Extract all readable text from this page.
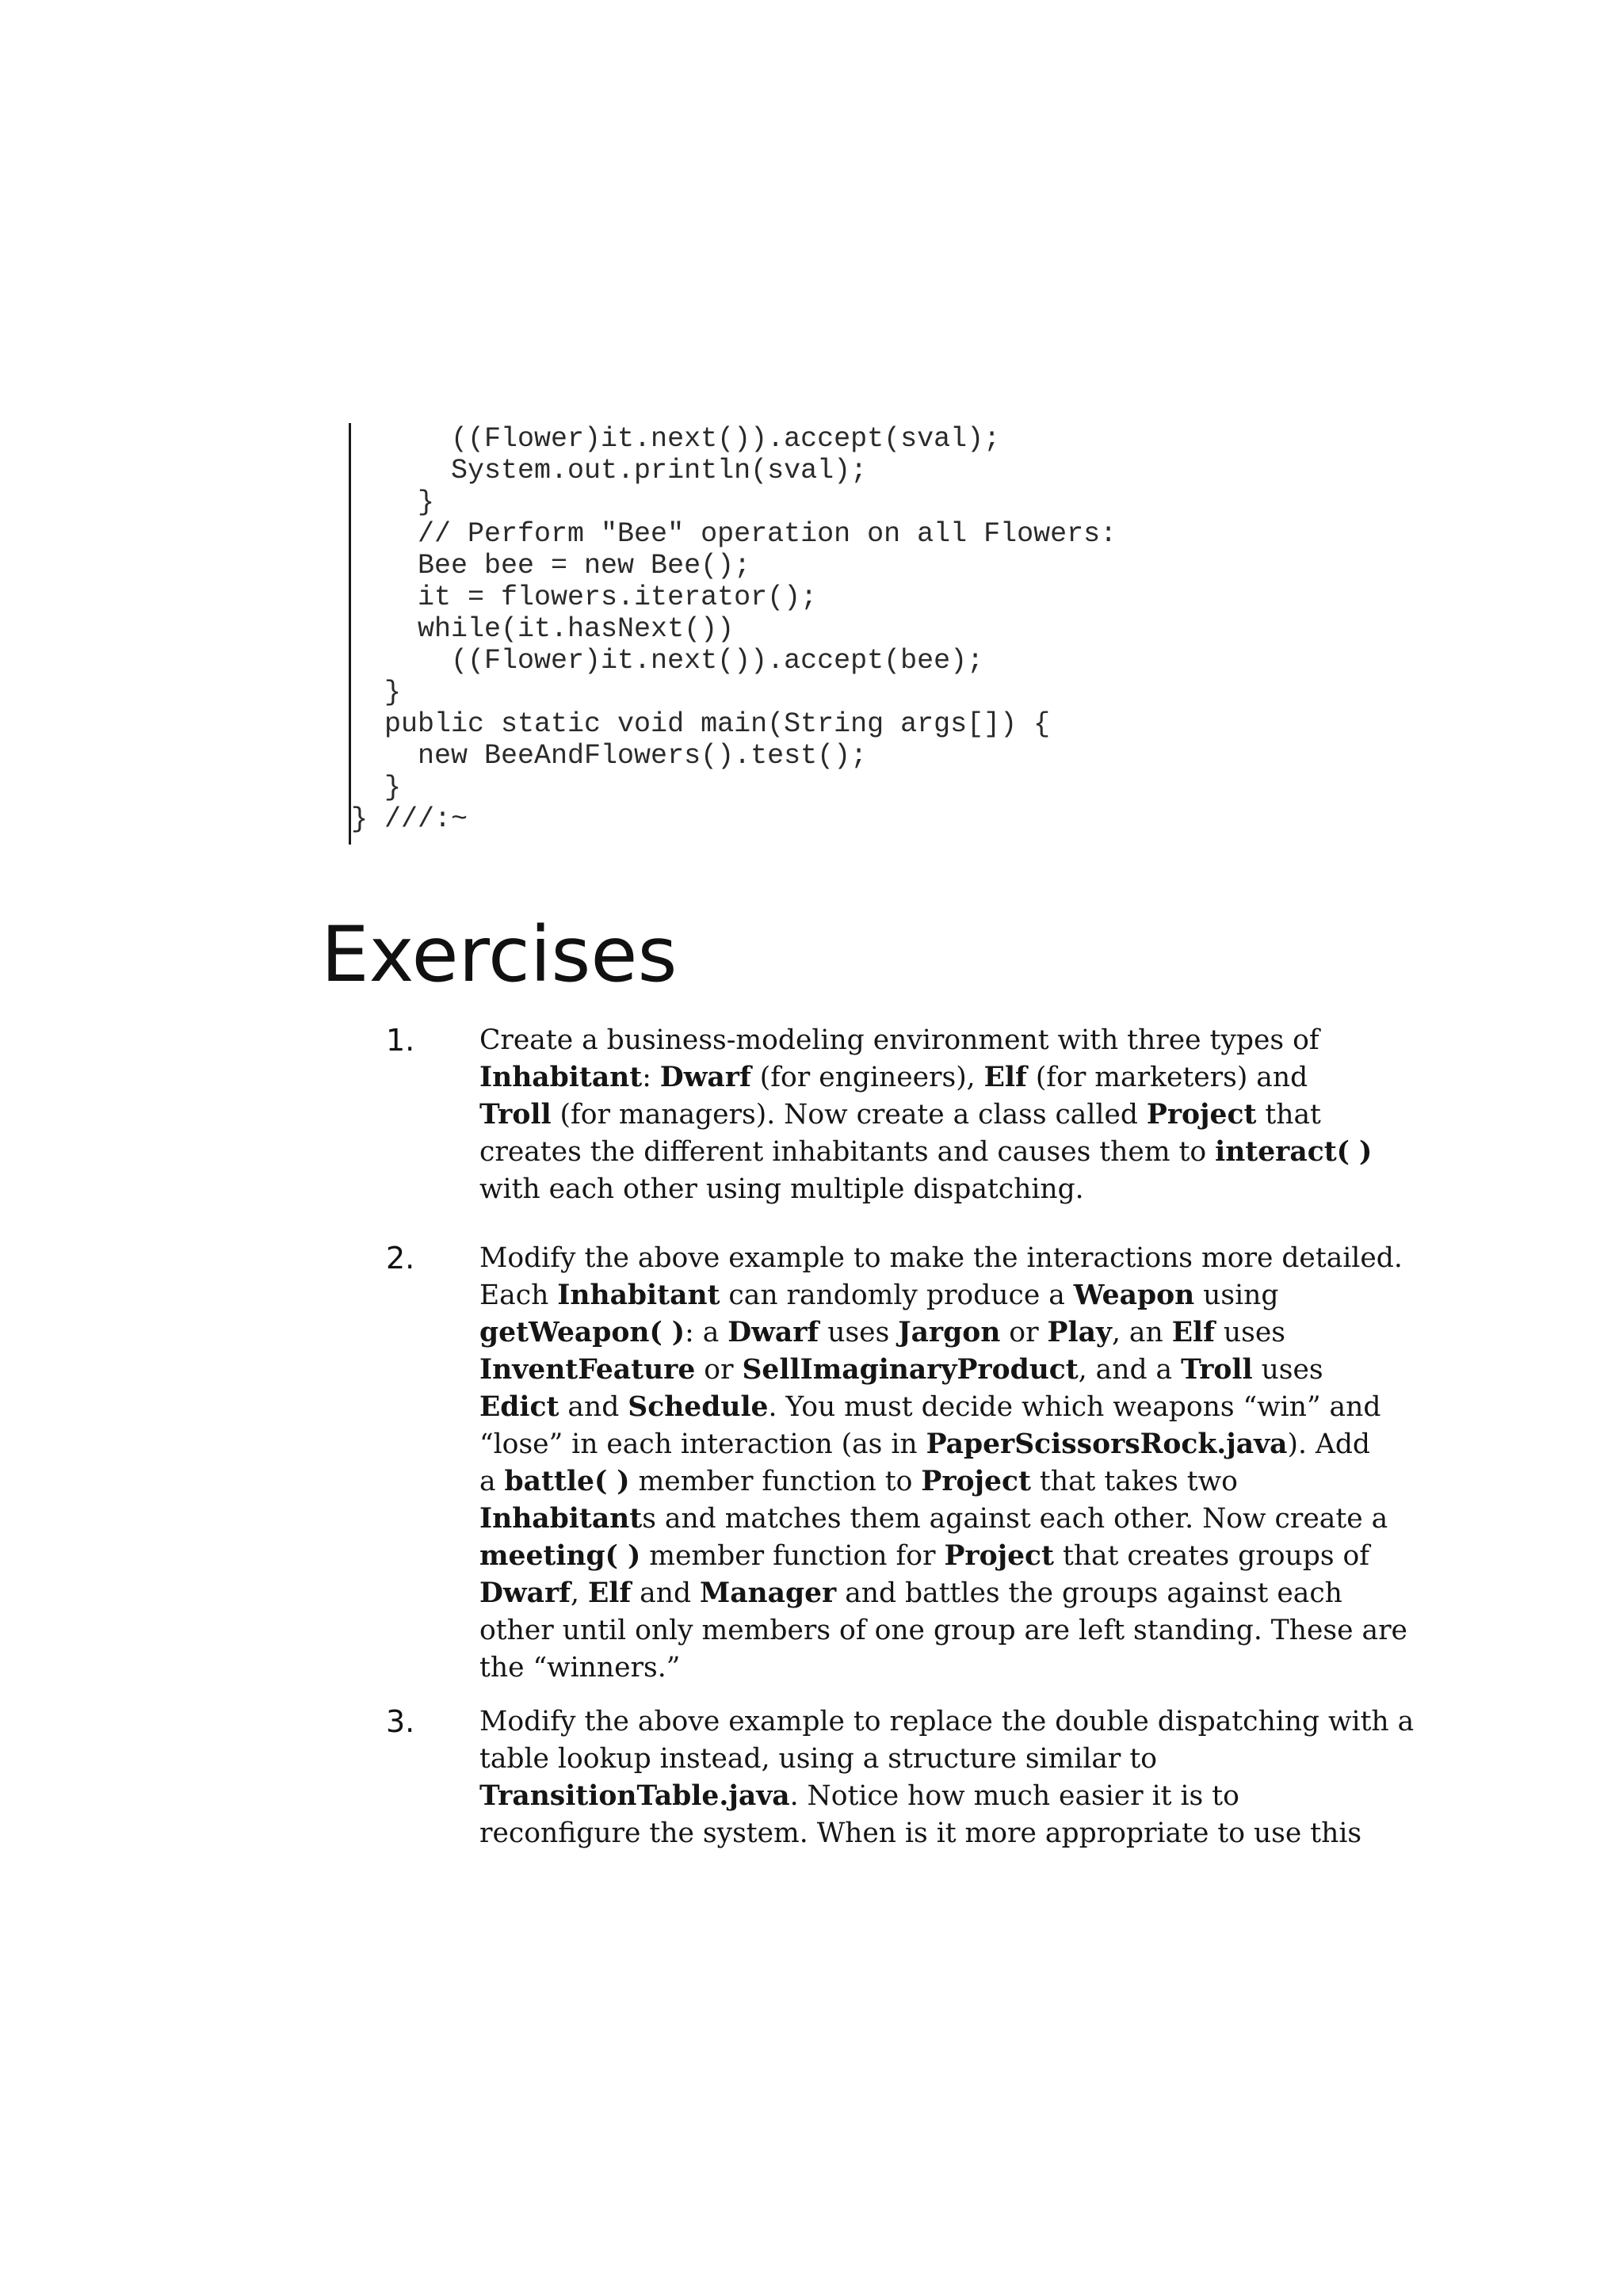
((Flower)it.next()).accept(sval);
System.out.println(sval);
}
// Perform "Bee" operation on all Flowers:
Bee bee = new Bee();
it = flowers.iterator();
while(it.hasNext())
((Flower)it.next()).accept(bee);
}
public static void main(String args[]) {
new BeeAndFlowers().test();
}
} ///:~
Exercises
1. Create a business-modeling environment with three types of
Inhabitant: Dwarf (for engineers), Elf (for marketers) and
Troll (for managers). Now create a class called Project that
creates the different inhabitants and causes them to interact( )
with each other using multiple dispatching.
2. Modify the above example to make the interactions more detailed.
Each Inhabitant can randomly produce a Weapon using
getWeapon( ): a Dwarf uses Jargon or Play, an Elf uses
InventFeature or SellImaginaryProduct, and a Troll uses
Edict and Schedule. You must decide which weapons “win” and
“lose” in each interaction (as in PaperScissorsRock.java). Add
a battle( ) member function to Project that takes two
Inhabitants and matches them against each other. Now create a
meeting( ) member function for Project that creates groups of
Dwarf, Elf and Manager and battles the groups against each
other until only members of one group are left standing. These are
the “winners.”
3. Modify the above example to replace the double dispatching with a
table lookup instead, using a structure similar to
TransitionTable.java. Notice how much easier it is to
reconfigure the system. When is it more appropriate to use this
